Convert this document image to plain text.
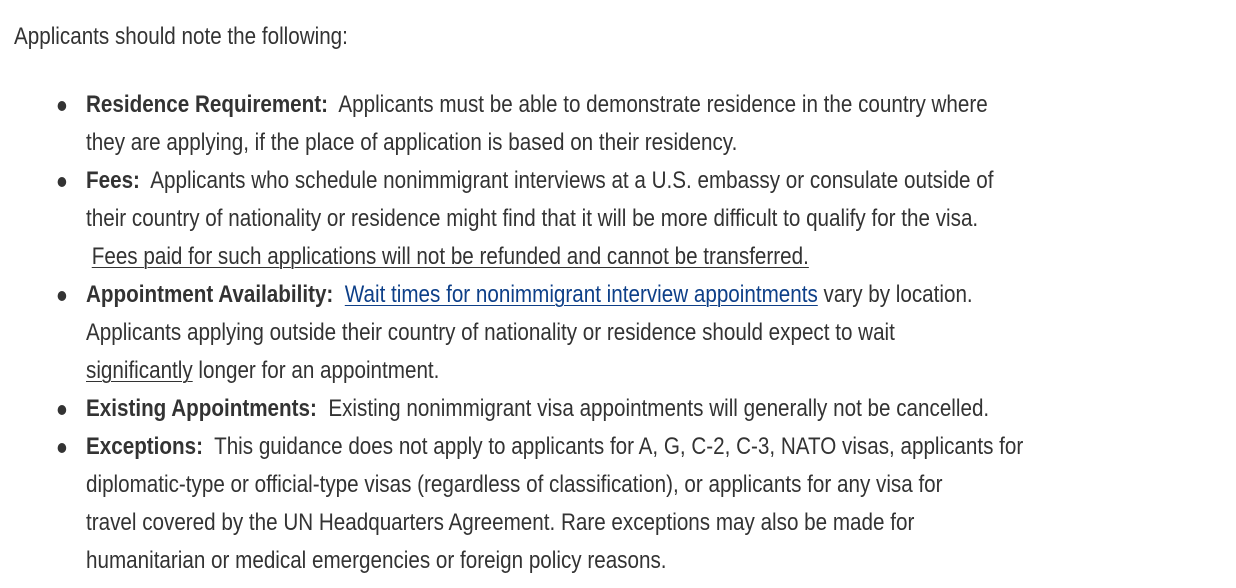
Applicants should note the following:

Residence Requirement: Applicants must be able to demonstrate residence in the country where
they are applying, if the place of application is based on their residency.
Fees: Applicants who schedule nonimmigrant interviews at a U.S. embassy or consulate outside of
their country of nationality or residence might find that it will be more difficult to qualify for the visa.
Fees paid for such applications will not be refunded and cannot be transferred.
Appointment Availability: Wait times for nonimmigrant interview appointments vary by location.
Applicants applying outside their country of nationality or residence should expect to wait
significantly longer for an appointment.
Existing Appointments: Existing nonimmigrant visa appointments will generally not be cancelled.
Exceptions: This guidance does not apply to applicants for A, G, C-2, C-3, NATO visas, applicants for
diplomatic-type or official-type visas (regardless of classification), or applicants for any visa for
travel covered by the UN Headquarters Agreement. Rare exceptions may also be made for
humanitarian or medical emergencies or foreign policy reasons.
